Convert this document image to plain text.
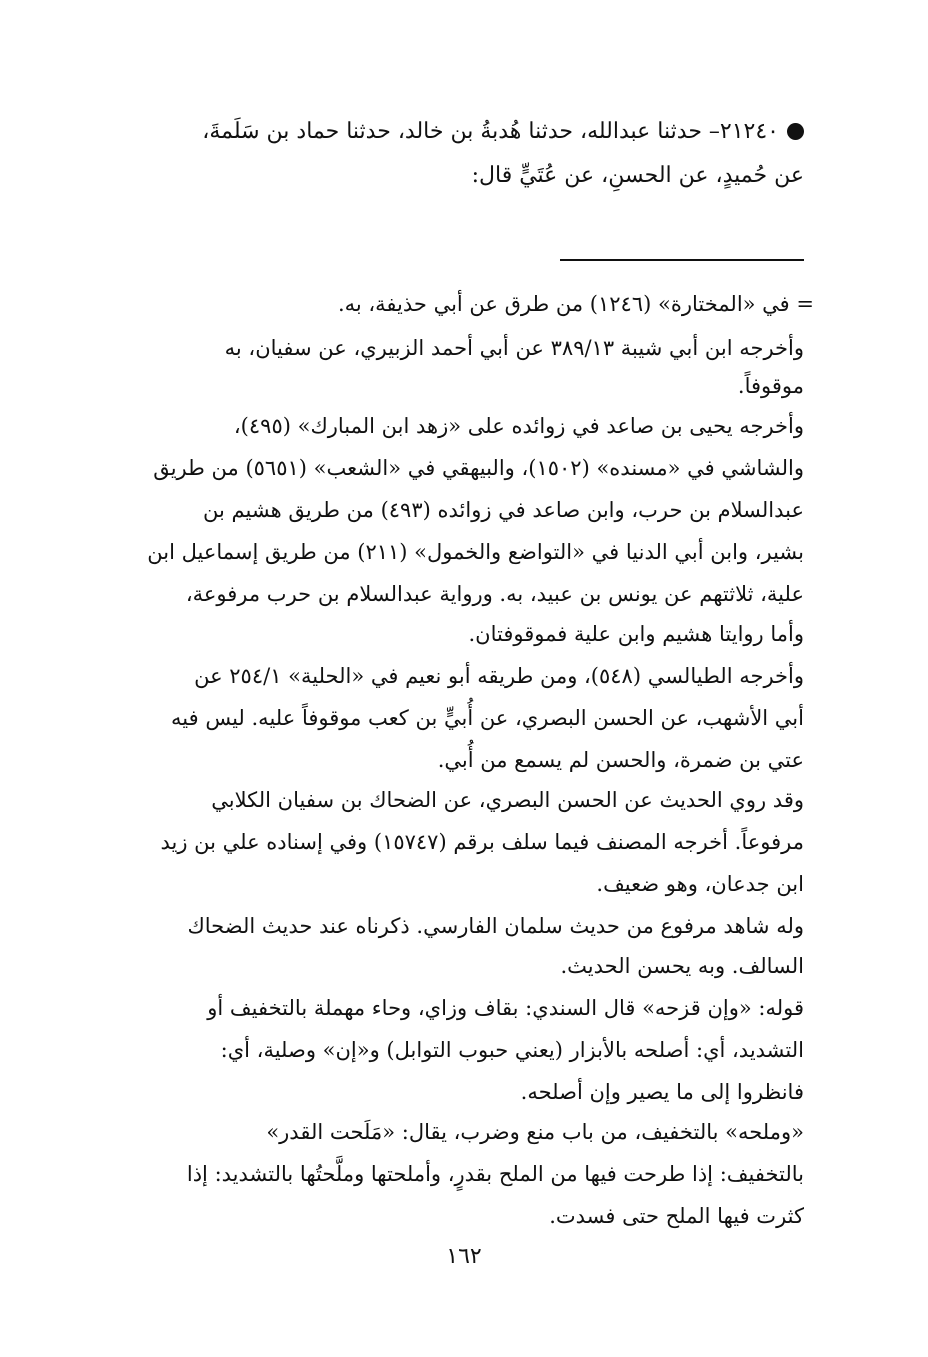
٢١٢٤٠– حدثنا عبدالله، حدثنا هُدبةُ بن خالد، حدثنا حماد بن سَلَمةَ،
عن حُميدٍ، عن الحسنِ، عن عُتَيٍّ قال:
= في «المختارة» (١٢٤٦) من طرق عن أبي حذيفة، به.
وأخرجه ابن أبي شيبة ٣٨٩/١٣ عن أبي أحمد الزبيري، عن سفيان، به
موقوفاً.
وأخرجه يحيى بن صاعد في زوائده على «زهد ابن المبارك» (٤٩٥)،
والشاشي في «مسنده» (١٥٠٢)، والبيهقي في «الشعب» (٥٦٥١) من طريق
عبدالسلام بن حرب، وابن صاعد في زوائده (٤٩٣) من طريق هشيم بن
بشير، وابن أبي الدنيا في «التواضع والخمول» (٢١١) من طريق إسماعيل ابن
علية، ثلاثتهم عن يونس بن عبيد، به. ورواية عبدالسلام بن حرب مرفوعة،
وأما روايتا هشيم وابن علية فموقوفتان.
وأخرجه الطيالسي (٥٤٨)، ومن طريقه أبو نعيم في «الحلية» ٢٥٤/١ عن
أبي الأشهب، عن الحسن البصري، عن أُبيٍّ بن كعب موقوفاً عليه. ليس فيه
عتي بن ضمرة، والحسن لم يسمع من أُبي.
وقد روي الحديث عن الحسن البصري، عن الضحاك بن سفيان الكلابي
مرفوعاً. أخرجه المصنف فيما سلف برقم (١٥٧٤٧) وفي إسناده علي بن زيد
ابن جدعان، وهو ضعيف.
وله شاهد مرفوع من حديث سلمان الفارسي. ذكرناه عند حديث الضحاك
السالف. وبه يحسن الحديث.
قوله: «وإن قزحه» قال السندي: بقاف وزاي، وحاء مهملة بالتخفيف أو
التشديد، أي: أصلحه بالأبزار (يعني حبوب التوابل) و«إن» وصلية، أي:
فانظروا إلى ما يصير وإن أصلحه.
«وملحه» بالتخفيف، من باب منع وضرب، يقال: «مَلَحت القدر»
بالتخفيف: إذا طرحت فيها من الملح بقدرٍ، وأملحتها وملَّحتُها بالتشديد: إذا
كثرت فيها الملح حتى فسدت.
١٦٢
